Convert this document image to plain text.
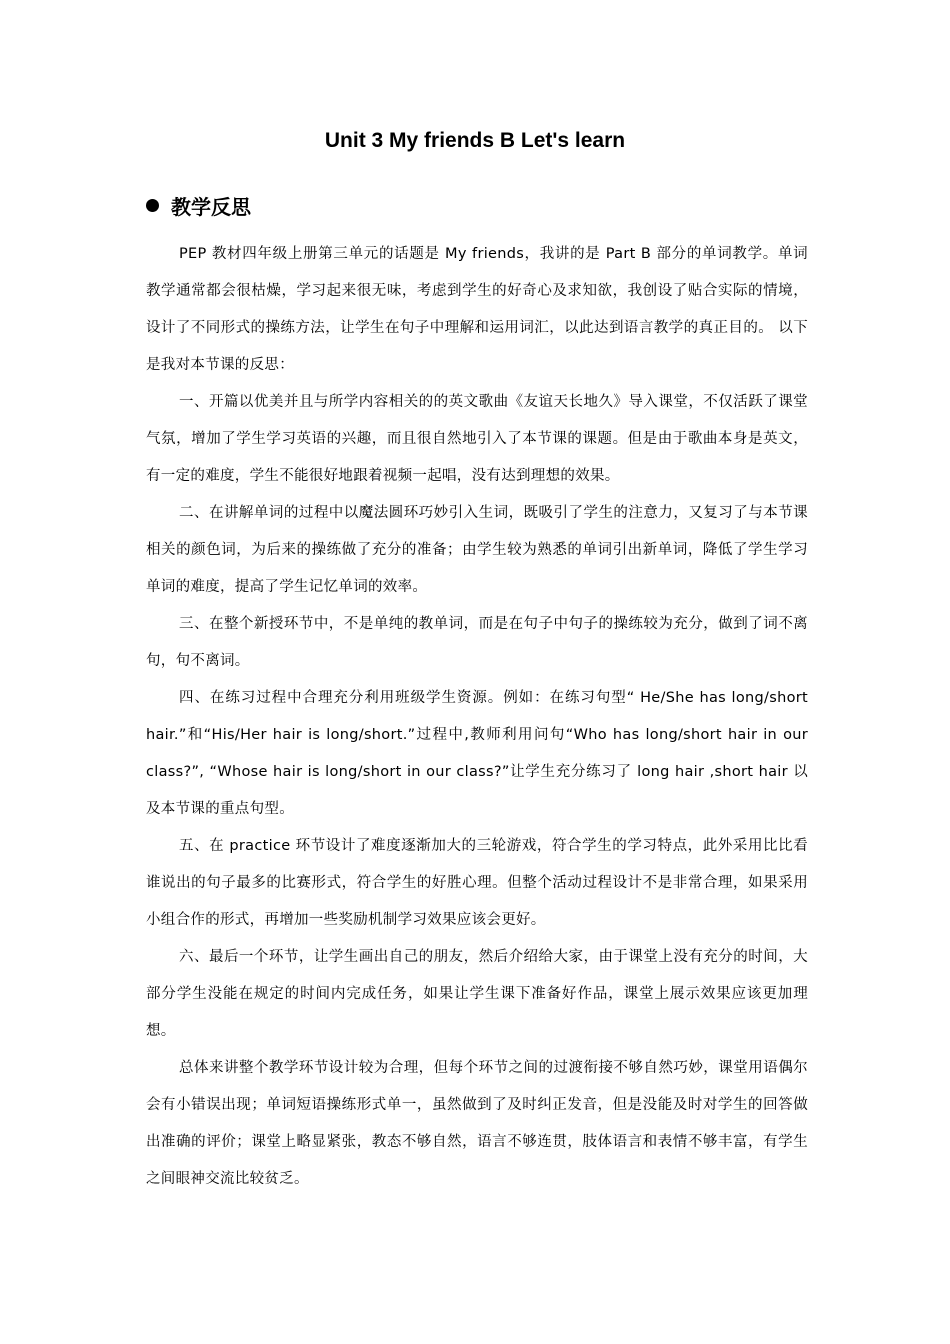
Unit 3 My friends B Let's learn
教学反思

PEP 教材四年级上册第三单元的话题是 My friends，我讲的是 Part B 部分的单词教学。单词教学通常都会很枯燥，学习起来很无味，考虑到学生的好奇心及求知欲，我创设了贴合实际的情境，设计了不同形式的操练方法，让学生在句子中理解和运用词汇，以此达到语言教学的真正目的。 以下是我对本节课的反思：

一、开篇以优美并且与所学内容相关的的英文歌曲《友谊天长地久》导入课堂，不仅活跃了课堂气氛，增加了学生学习英语的兴趣，而且很自然地引入了本节课的课题。但是由于歌曲本身是英文，有一定的难度，学生不能很好地跟着视频一起唱，没有达到理想的效果。

二、在讲解单词的过程中以魔法圆环巧妙引入生词，既吸引了学生的注意力，又复习了与本节课相关的颜色词，为后来的操练做了充分的准备；由学生较为熟悉的单词引出新单词，降低了学生学习单词的难度，提高了学生记忆单词的效率。

三、在整个新授环节中，不是单纯的教单词，而是在句子中句子的操练较为充分，做到了词不离句，句不离词。

四、在练习过程中合理充分利用班级学生资源。例如：在练习句型“ He/She has long/short hair.”和“His/Her hair is long/short.”过程中,教师利用问句“Who has long/short hair in our class?”, “Whose hair is long/short in our class?”让学生充分练习了 long hair ,short hair 以及本节课的重点句型。

五、在 practice 环节设计了难度逐渐加大的三轮游戏，符合学生的学习特点，此外采用比比看谁说出的句子最多的比赛形式，符合学生的好胜心理。但整个活动过程设计不是非常合理，如果采用小组合作的形式，再增加一些奖励机制学习效果应该会更好。

六、最后一个环节，让学生画出自己的朋友，然后介绍给大家，由于课堂上没有充分的时间，大部分学生没能在规定的时间内完成任务，如果让学生课下准备好作品，课堂上展示效果应该更加理想。

总体来讲整个教学环节设计较为合理，但每个环节之间的过渡衔接不够自然巧妙，课堂用语偶尔会有小错误出现；单词短语操练形式单一，虽然做到了及时纠正发音，但是没能及时对学生的回答做出准确的评价；课堂上略显紧张，教态不够自然，语言不够连贯，肢体语言和表情不够丰富，有学生之间眼神交流比较贫乏。
